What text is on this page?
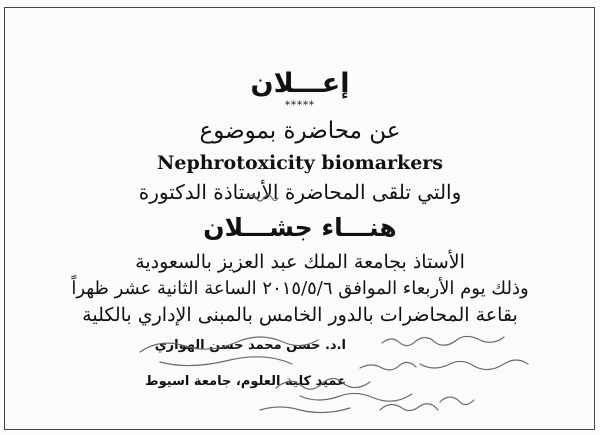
إعـــلان
*****
عن محاضرة بموضوع
Nephrotoxicity biomarkers
والتي تلقى المحاضرة الأستاذة الدكتورة
هنـــاء جشـــلان
الأستاذ بجامعة الملك عبد العزيز بالسعودية
وذلك يوم الأربعاء الموافق ٢٠١٥/٥/٦ الساعة الثانية عشر ظهراً
بقاعة المحاضرات بالدور الخامس بالمبنى الإداري بالكلية
ا.د. حسن محمد حسن الهواري
عميد كلية العلوم، جامعة اسيوط
